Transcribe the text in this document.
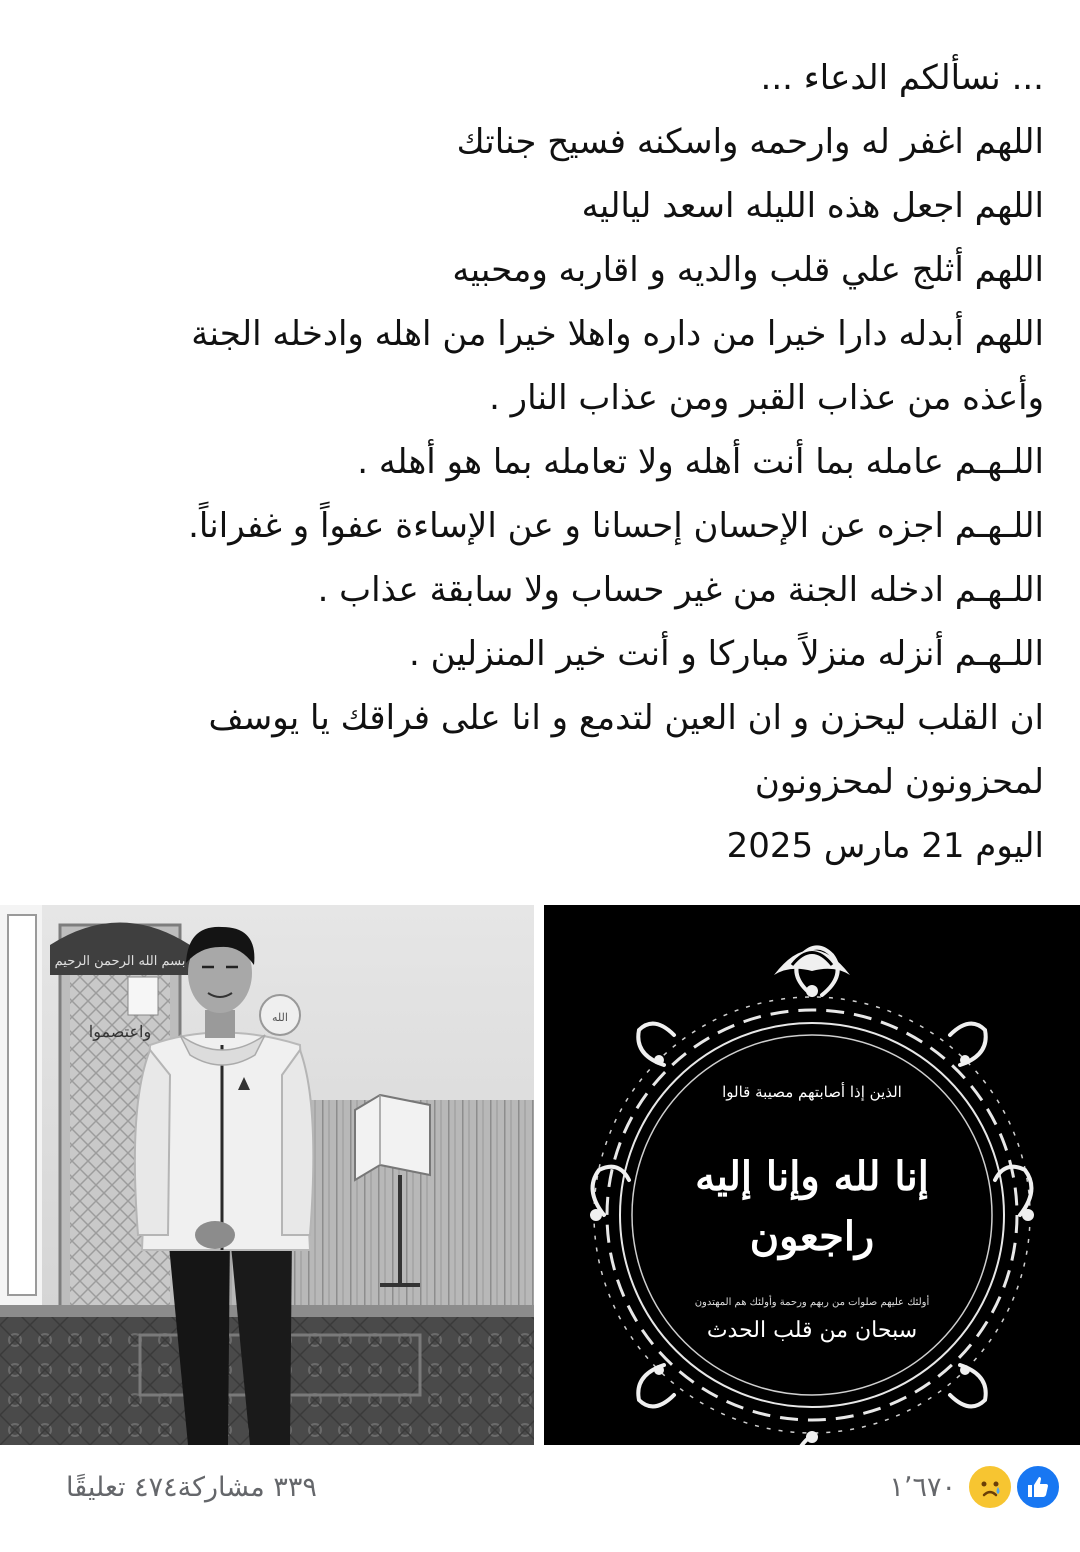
... نسألكم الدعاء ...
اللهم اغفر له وارحمه واسكنه فسيح جناتك
اللهم اجعل هذه الليله اسعد لياليه
اللهم أثلج علي قلب والديه و اقاربه ومحبيه
اللهم أبدله دارا خيرا من داره واهلا خيرا من اهله وادخله الجنة
وأعذه من عذاب القبر ومن عذاب النار .
اللـهـم عامله بما أنت أهله ولا تعامله بما هو أهله .
اللـهـم اجزه عن الإحسان إحسانا و عن الإساءة عفواً و غفراناً.
اللـهـم ادخله الجنة من غير حساب ولا سابقة عذاب .
اللـهـم أنزله منزلاً مباركا و أنت خير المنزلين .
ان القلب ليحزن و ان العين لتدمع و انا على فراقك يا يوسف
لمحزونون لمحزونون
اليوم 21 مارس 2025
بسم الله الرحمن الرحيم
الله
واعتصموا
الذين إذا أصابتهم مصيبة قالوا
إنا لله وإنا إليه
راجعون
أولئك عليهم صلوات من ربهم ورحمة وأولئك هم المهتدون
سبحان من قلب الحدث
١٬٦٧٠
٤٧٤ تعليقًا ٣٣٩ مشاركة
